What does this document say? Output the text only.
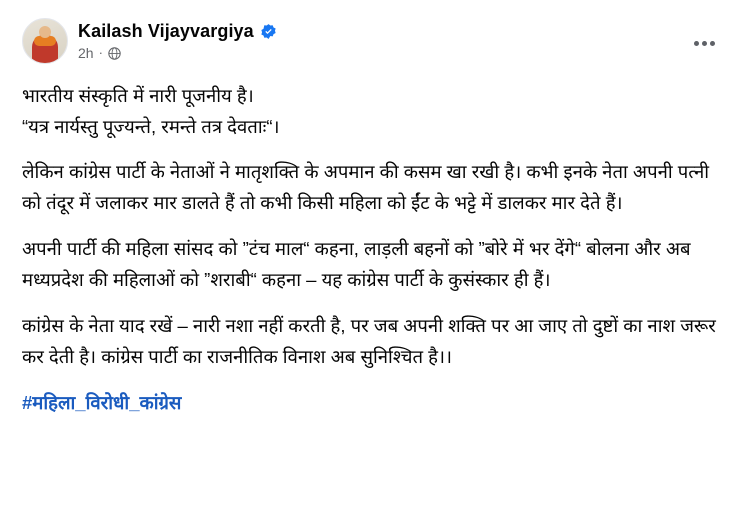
Kailash Vijayvargiya
2h ·
भारतीय संस्कृति में नारी पूजनीय है।
“यत्र नार्यस्तु पूज्यन्ते, रमन्ते तत्र देवताः“।

लेकिन कांग्रेस पार्टी के नेताओं ने मातृशक्ति के अपमान की कसम खा रखी है। कभी इनके नेता अपनी पत्नी को तंदूर में जलाकर मार डालते हैं तो कभी किसी महिला को ईंट के भट्टे में डालकर मार देते हैं।

अपनी पार्टी की महिला सांसद को ”टंच माल“ कहना, लाड़ली बहनों को ”बोरे में भर देंगे“ बोलना और अब मध्यप्रदेश की महिलाओं को ”शराबी“ कहना – यह कांग्रेस पार्टी के कुसंस्कार ही हैं।

कांग्रेस के नेता याद रखें – नारी नशा नहीं करती है, पर जब अपनी शक्ति पर आ जाए तो दुष्टों का नाश जरूर कर देती है। कांग्रेस पार्टी का राजनीतिक विनाश अब सुनिश्चित है।।

#महिला_विरोधी_कांग्रेस
